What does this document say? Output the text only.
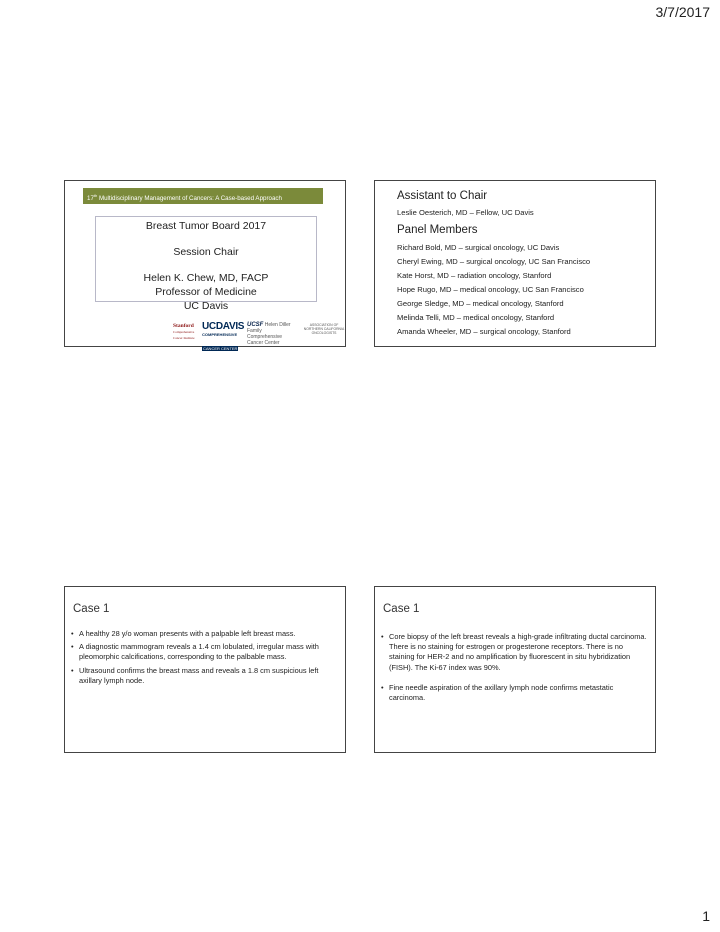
3/7/2017
17th Multidisciplinary Management of Cancers: A Case-based Approach
Breast Tumor Board 2017
Session Chair
Helen K. Chew, MD, FACP
Professor of Medicine
UC Davis
Stanford
Comprehensive Cancer Institute
UCDAVIS
COMPREHENSIVE
CANCER CENTER
UCSF Helen Diller Family Comprehensive Cancer Center
ASSOCIATION OF NORTHERN CALIFORNIA ONCOLOGISTS
Assistant to Chair
Leslie Oesterich, MD – Fellow, UC Davis
Panel Members
Richard Bold, MD – surgical oncology, UC Davis
Cheryl Ewing, MD – surgical oncology, UC San Francisco
Kate Horst, MD – radiation oncology, Stanford
Hope Rugo, MD – medical oncology, UC San Francisco
George Sledge, MD – medical oncology, Stanford
Melinda Telli, MD – medical oncology, Stanford
Amanda Wheeler, MD – surgical oncology, Stanford
Case 1
• A healthy 28 y/o woman presents with a palpable left breast mass.
• A diagnostic mammogram reveals a 1.4 cm lobulated, irregular mass with pleomorphic calcifications, corresponding to the palbable mass.
• Ultrasound confirms the breast mass and reveals a 1.8 cm suspicious left axillary lymph node.
Case 1
• Core biopsy of the left breast reveals a high-grade infiltrating ductal carcinoma. There is no staining for estrogen or progesterone receptors. There is no staining for HER-2 and no amplification by fluorescent in situ hybridization (FISH). The Ki-67 index was 90%.
• Fine needle aspiration of the axillary lymph node confirms metastatic carcinoma.
1
